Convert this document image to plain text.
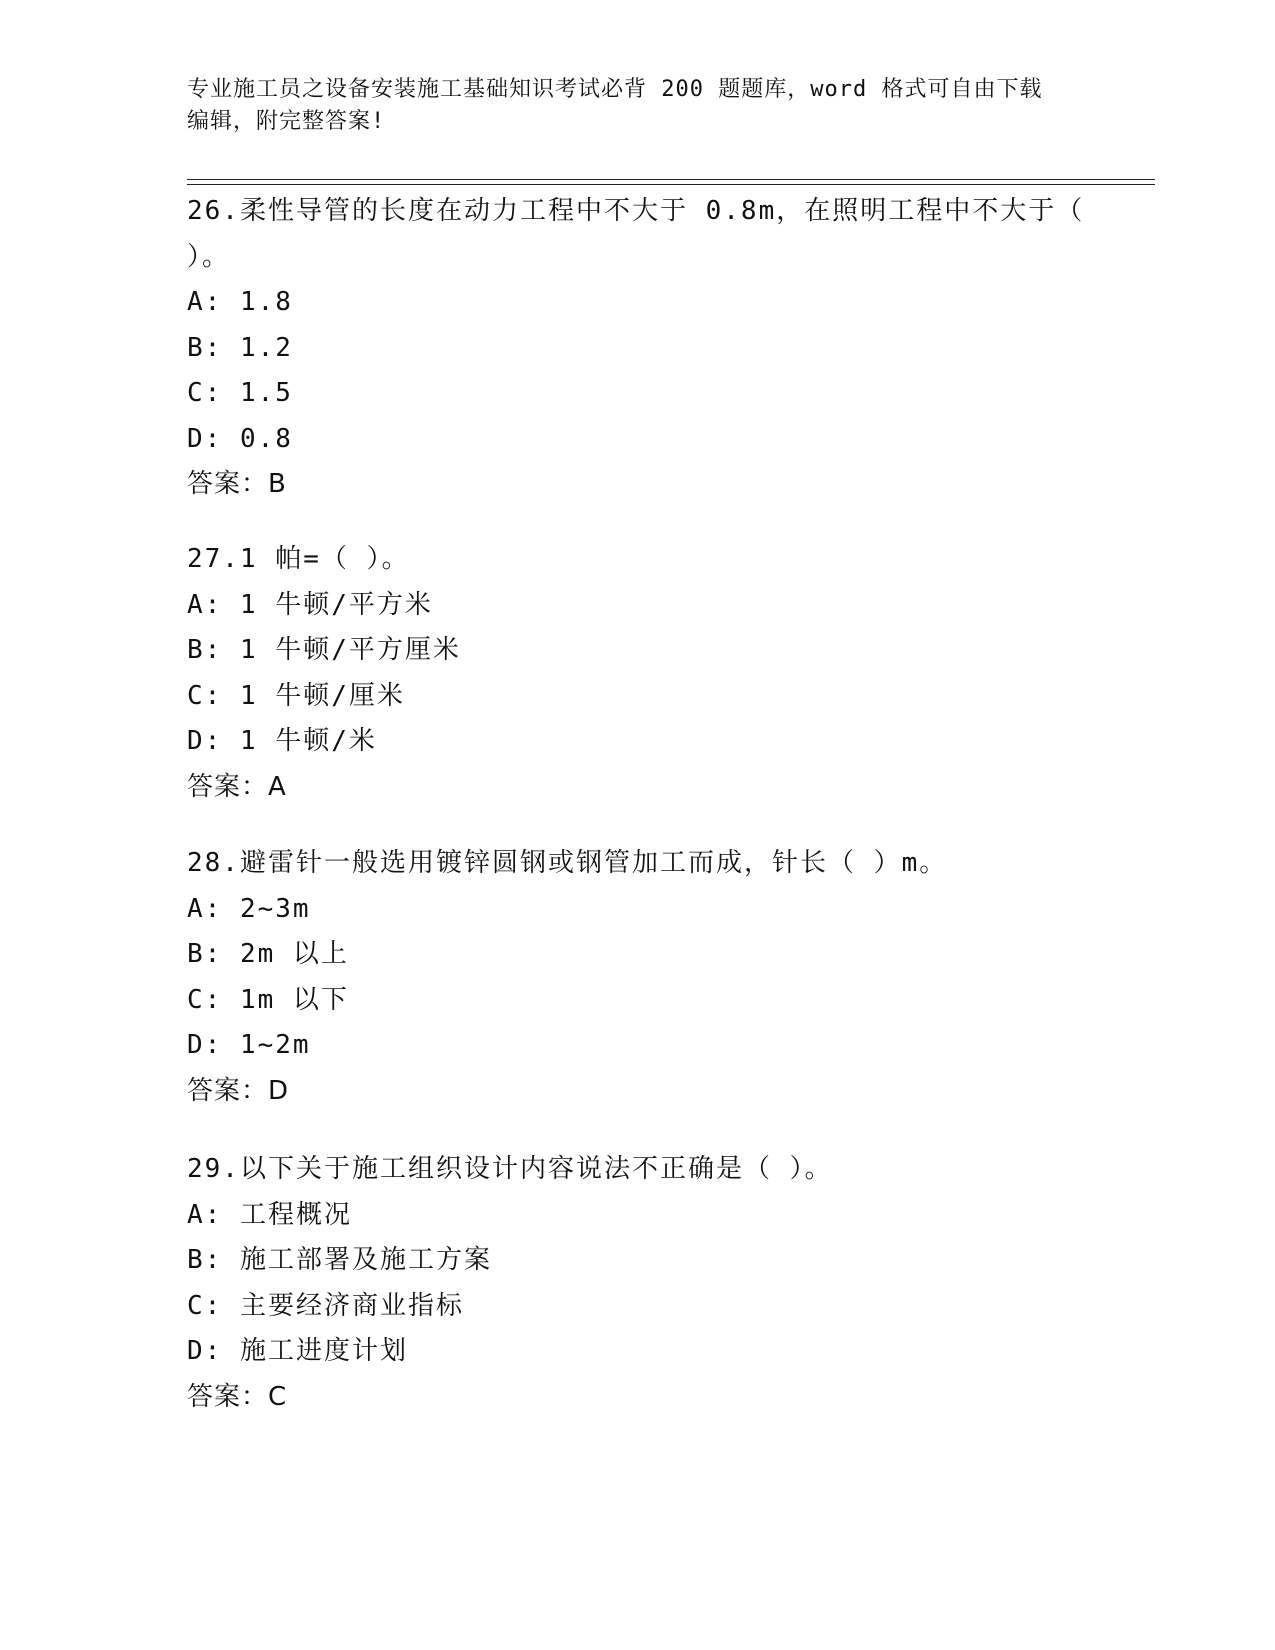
专业施工员之设备安装施工基础知识考试必背 200 题题库，word 格式可自由下载
编辑，附完整答案!
26.柔性导管的长度在动力工程中不大于 0.8m，在照明工程中不大于（
）。
A: 1.8
B: 1.2
C: 1.5
D: 0.8
答案：B
27.1 帕=（ ）。
A: 1 牛顿/平方米
B: 1 牛顿/平方厘米
C: 1 牛顿/厘米
D: 1 牛顿/米
答案：A
28.避雷针一般选用镀锌圆钢或钢管加工而成，针长（ ）m。
A: 2~3m
B: 2m 以上
C: 1m 以下
D: 1~2m
答案：D
29.以下关于施工组织设计内容说法不正确是（ ）。
A: 工程概况
B: 施工部署及施工方案
C: 主要经济商业指标
D: 施工进度计划
答案：C
